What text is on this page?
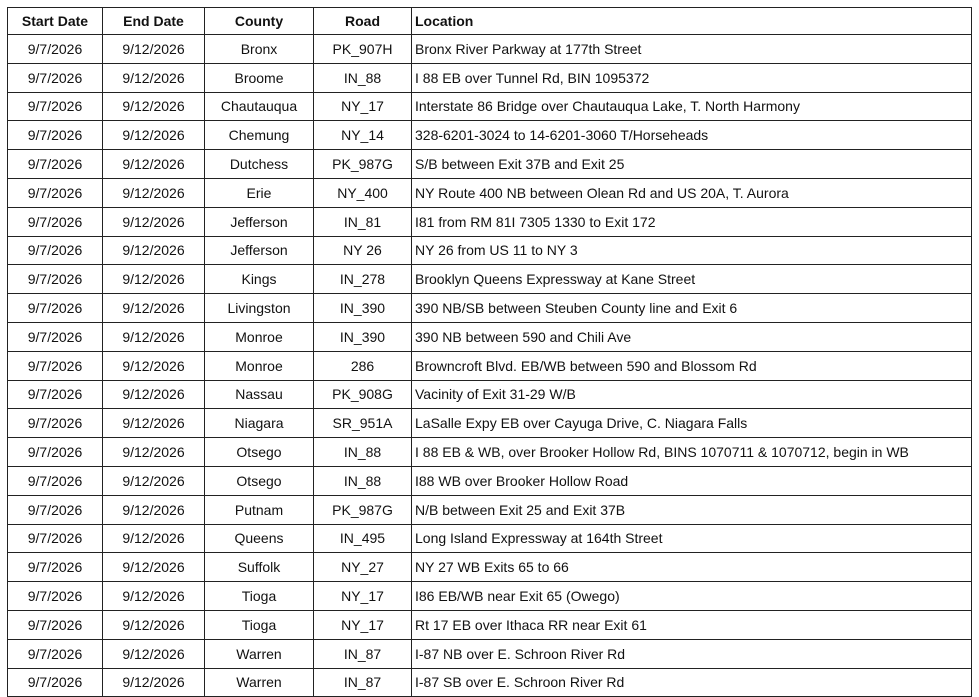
Start Date	End Date	County	Road	Location
9/7/2026	9/12/2026	Bronx	PK_907H	Bronx River Parkway at 177th Street
9/7/2026	9/12/2026	Broome	IN_88	I 88 EB over Tunnel Rd, BIN 1095372
9/7/2026	9/12/2026	Chautauqua	NY_17	Interstate 86 Bridge over Chautauqua Lake, T. North Harmony
9/7/2026	9/12/2026	Chemung	NY_14	328-6201-3024 to 14-6201-3060 T/Horseheads
9/7/2026	9/12/2026	Dutchess	PK_987G	S/B between Exit 37B and Exit 25
9/7/2026	9/12/2026	Erie	NY_400	NY Route 400 NB between Olean Rd and US 20A, T. Aurora
9/7/2026	9/12/2026	Jefferson	IN_81	I81 from RM 81I 7305 1330 to Exit 172
9/7/2026	9/12/2026	Jefferson	NY 26	NY 26 from US 11 to NY 3
9/7/2026	9/12/2026	Kings	IN_278	Brooklyn Queens Expressway at Kane Street
9/7/2026	9/12/2026	Livingston	IN_390	390 NB/SB between Steuben County line and Exit 6
9/7/2026	9/12/2026	Monroe	IN_390	390 NB between 590 and Chili Ave
9/7/2026	9/12/2026	Monroe	286	Browncroft Blvd. EB/WB between 590 and Blossom Rd
9/7/2026	9/12/2026	Nassau	PK_908G	Vacinity of Exit 31-29 W/B
9/7/2026	9/12/2026	Niagara	SR_951A	LaSalle Expy EB over Cayuga Drive, C. Niagara Falls
9/7/2026	9/12/2026	Otsego	IN_88	I 88 EB & WB, over Brooker Hollow Rd, BINS 1070711 & 1070712, begin in WB
9/7/2026	9/12/2026	Otsego	IN_88	I88 WB over Brooker Hollow Road
9/7/2026	9/12/2026	Putnam	PK_987G	N/B between Exit 25 and Exit 37B
9/7/2026	9/12/2026	Queens	IN_495	Long Island Expressway at 164th Street
9/7/2026	9/12/2026	Suffolk	NY_27	NY 27 WB Exits 65 to 66
9/7/2026	9/12/2026	Tioga	NY_17	I86 EB/WB near Exit 65 (Owego)
9/7/2026	9/12/2026	Tioga	NY_17	Rt 17 EB over Ithaca RR near Exit 61
9/7/2026	9/12/2026	Warren	IN_87	I-87 NB over E. Schroon River Rd
9/7/2026	9/12/2026	Warren	IN_87	I-87 SB over E. Schroon River Rd
